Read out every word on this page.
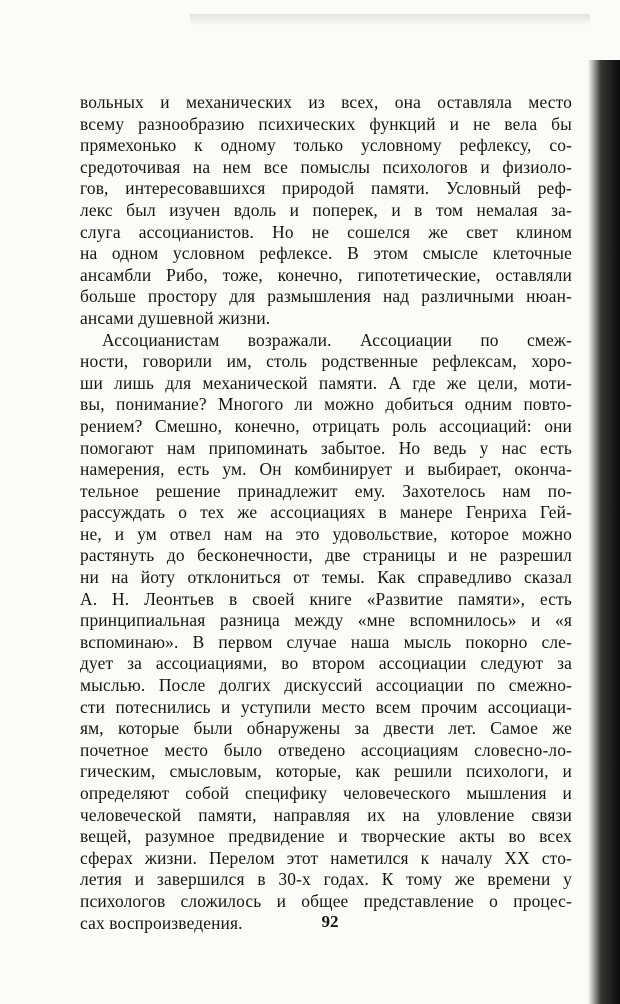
вольных и механических из всех, она оставляла место
всему разнообразию психических функций и не вела бы
прямехонько к одному только условному рефлексу, со-
средоточивая на нем все помыслы психологов и физиоло-
гов, интересовавшихся природой памяти. Условный реф-
лекс был изучен вдоль и поперек, и в том немалая за-
слуга ассоцианистов. Но не сошелся же свет клином
на одном условном рефлексе. В этом смысле клеточные
ансамбли Рибо, тоже, конечно, гипотетические, оставляли
больше простору для размышления над различными нюан-
ансами душевной жизни.
Ассоцианистам возражали. Ассоциации по смеж-
ности, говорили им, столь родственные рефлексам, хоро-
ши лишь для механической памяти. А где же цели, моти-
вы, понимание? Многого ли можно добиться одним повто-
рением? Смешно, конечно, отрицать роль ассоциаций: они
помогают нам припоминать забытое. Но ведь у нас есть
намерения, есть ум. Он комбинирует и выбирает, оконча-
тельное решение принадлежит ему. Захотелось нам по-
рассуждать о тех же ассоциациях в манере Генриха Гей-
не, и ум отвел нам на это удовольствие, которое можно
растянуть до бесконечности, две страницы и не разрешил
ни на йоту отклониться от темы. Как справедливо сказал
А. Н. Леонтьев в своей книге «Развитие памяти», есть
принципиальная разница между «мне вспомнилось» и «я
вспоминаю». В первом случае наша мысль покорно сле-
дует за ассоциациями, во втором ассоциации следуют за
мыслью. После долгих дискуссий ассоциации по смежно-
сти потеснились и уступили место всем прочим ассоциаци-
ям, которые были обнаружены за двести лет. Самое же
почетное место было отведено ассоциациям словесно-ло-
гическим, смысловым, которые, как решили психологи, и
определяют собой специфику человеческого мышления и
человеческой памяти, направляя их на уловление связи
вещей, разумное предвидение и творческие акты во всех
сферах жизни. Перелом этот наметился к началу XX сто-
летия и завершился в 30-х годах. К тому же времени у
психологов сложилось и общее представление о процес-
сах воспроизведения.	92
